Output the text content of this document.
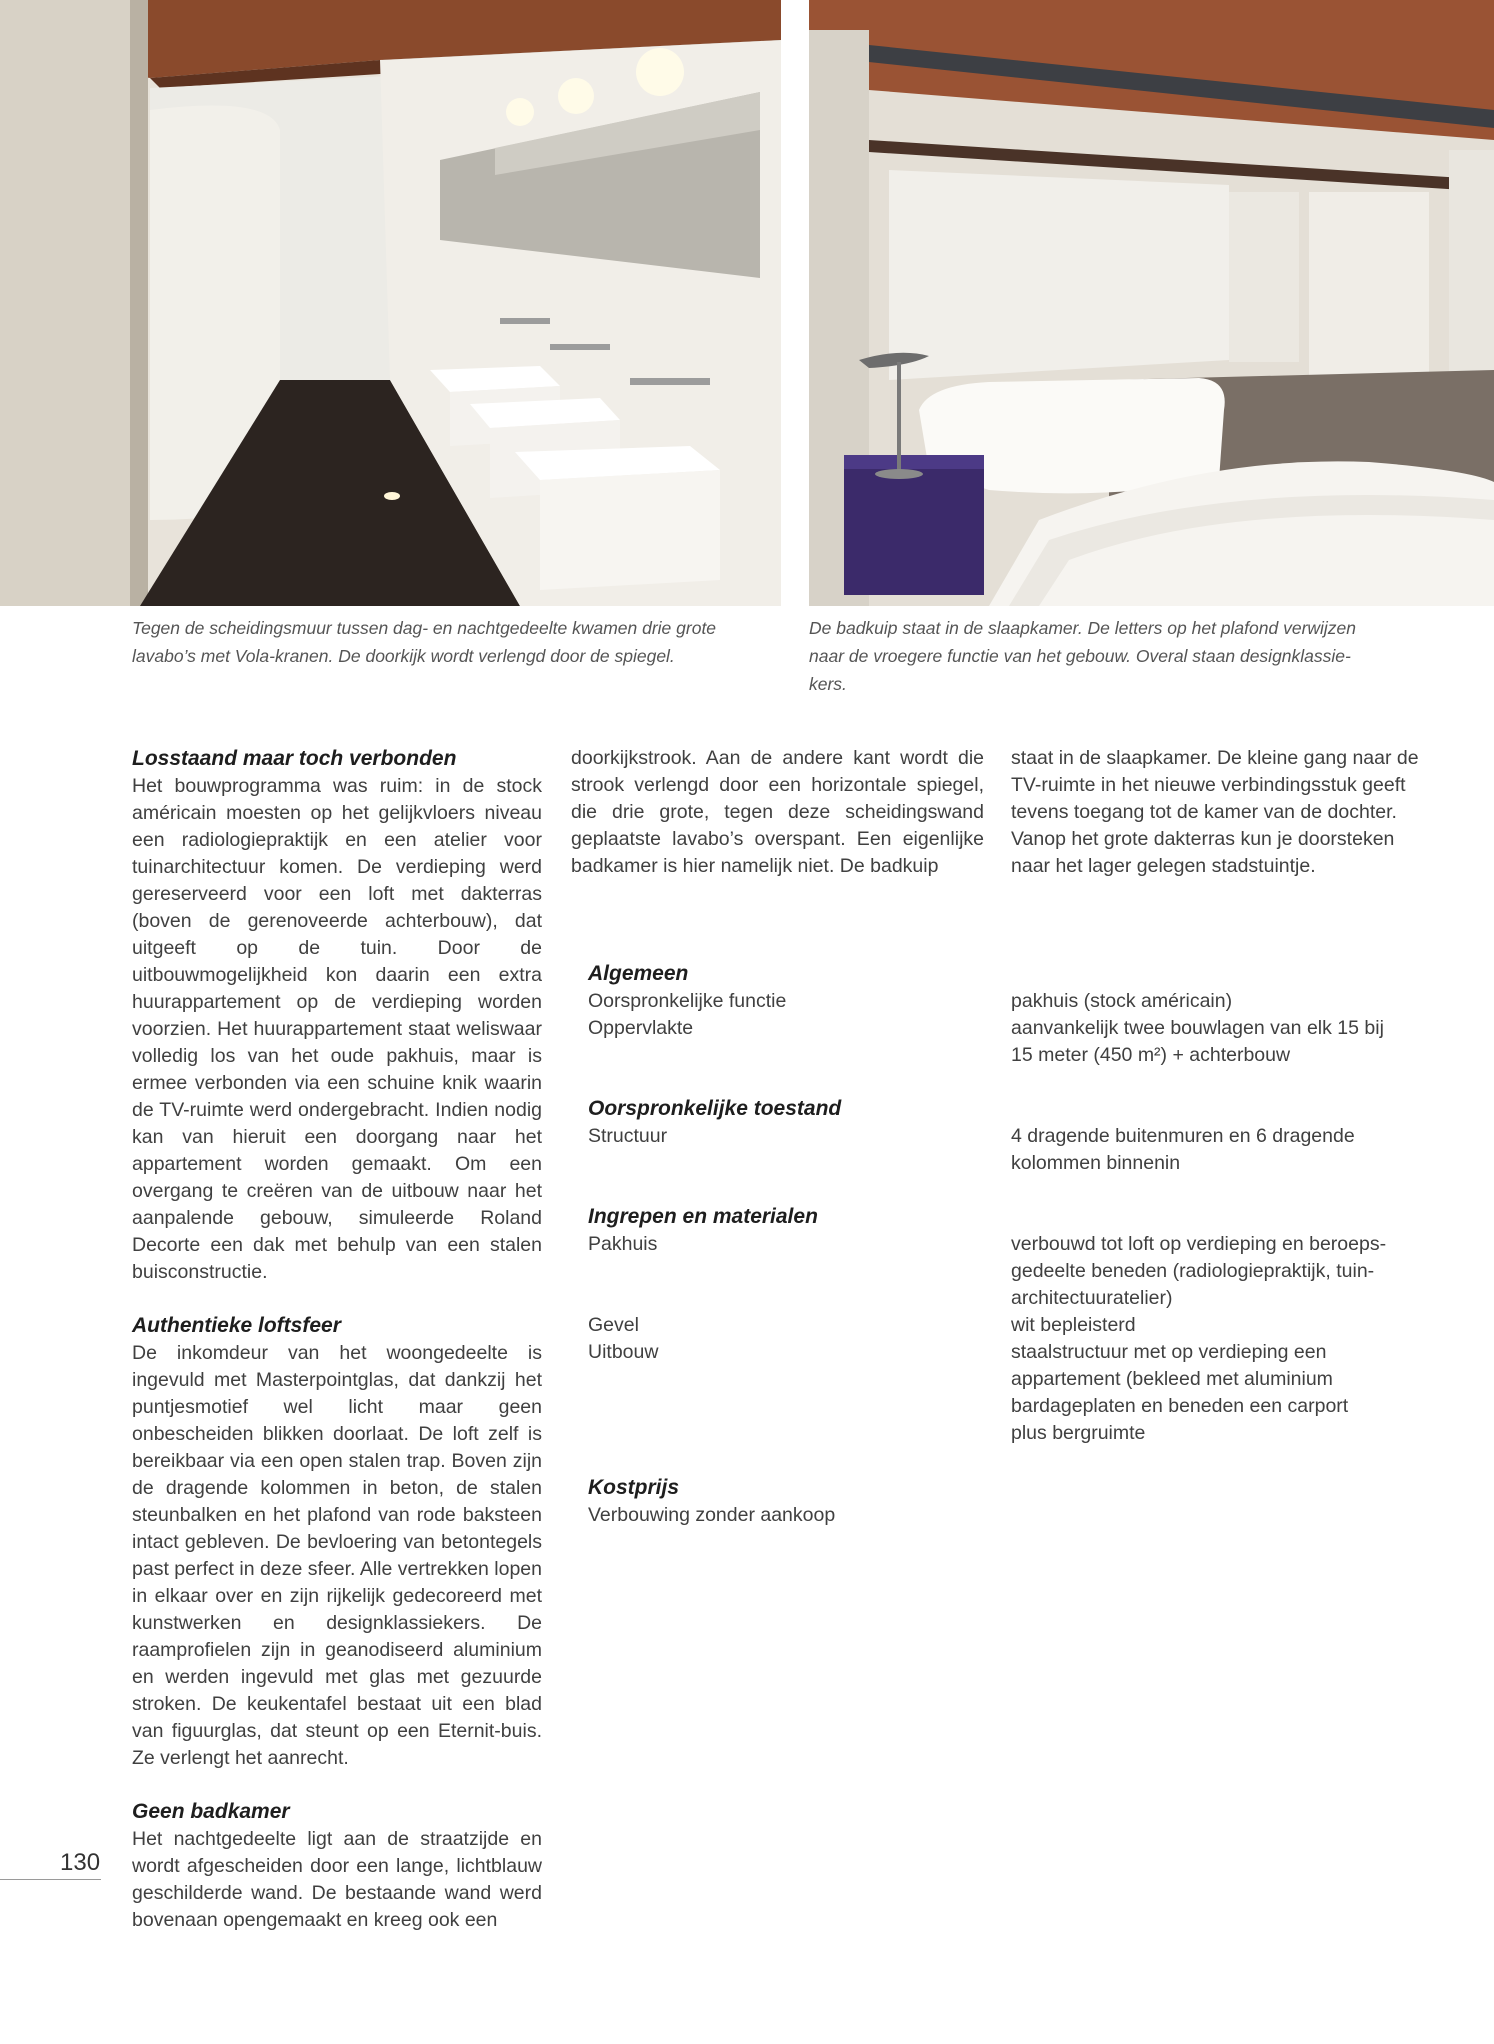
Tegen de scheidingsmuur tussen dag- en nachtgedeelte kwamen drie grote lavabo’s met Vola-kranen. De doorkijk wordt verlengd door de spiegel.
De badkuip staat in de slaapkamer. De letters op het plafond verwijzen
naar de vroegere functie van het gebouw. Overal staan designklassie-
kers.
Losstaand maar toch verbonden

Het bouwprogramma was ruim: in de stock américain moesten op het gelijkvloers niveau een radiologiepraktijk en een atelier voor tuinarchitectuur komen. De verdieping werd gereserveerd voor een loft met dakterras (boven de gerenoveerde achterbouw), dat uitgeeft op de tuin. Door de uitbouwmogelijkheid kon daarin een extra huurappartement op de verdieping worden voorzien. Het huurappartement staat weliswaar volledig los van het oude pakhuis, maar is ermee verbonden via een schuine knik waarin de TV-ruimte werd ondergebracht. Indien nodig kan van hieruit een doorgang naar het appartement worden gemaakt. Om een overgang te creëren van de uitbouw naar het aanpalende gebouw, simuleerde Roland Decorte een dak met behulp van een stalen buisconstructie.

Authentieke loftsfeer

De inkomdeur van het woongedeelte is ingevuld met Masterpointglas, dat dankzij het puntjesmotief wel licht maar geen onbescheiden blikken doorlaat. De loft zelf is bereikbaar via een open stalen trap. Boven zijn de dragende kolommen in beton, de stalen steunbalken en het plafond van rode baksteen intact gebleven. De bevloering van betontegels past perfect in deze sfeer. Alle vertrekken lopen in elkaar over en zijn rijkelijk gedecoreerd met kunstwerken en designklassiekers. De raamprofielen zijn in geanodiseerd aluminium en werden ingevuld met glas met gezuurde stroken. De keukentafel bestaat uit een blad van figuurglas, dat steunt op een Eternit-buis. Ze verlengt het aanrecht.

Geen badkamer

Het nachtgedeelte ligt aan de straatzijde en wordt afgescheiden door een lange, lichtblauw geschilderde wand. De bestaande wand werd bovenaan opengemaakt en kreeg ook een

doorkijkstrook. Aan de andere kant wordt die strook verlengd door een horizontale spiegel, die drie grote, tegen deze scheidingswand geplaatste lavabo’s overspant. Een eigenlijke badkamer is hier namelijk niet. De badkuip

staat in de slaapkamer. De kleine gang naar de TV-ruimte in het nieuwe verbindingsstuk geeft tevens toegang tot de kamer van de dochter. Vanop het grote dakterras kun je doorsteken naar het lager gelegen stadstuintje.

Algemeen
Oorspronkelijke functie
Oppervlakte
pakhuis (stock américain)
aanvankelijk twee bouwlagen van elk 15 bij
15 meter (450 m²) + achterbouw
Oorspronkelijke toestand
Structuur	4 dragende buitenmuren en 6 dragende
kolommen binnenin
Ingrepen en materialen
Pakhuis
Gevel
Uitbouw
verbouwd tot loft op verdieping en beroeps-
gedeelte beneden (radiologiepraktijk, tuin-
architectuuratelier)
wit bepleisterd
staalstructuur met op verdieping een
appartement (bekleed met aluminium
bardageplaten en beneden een carport
plus bergruimte
Kostprijs
Verbouwing zonder aankoop
130
